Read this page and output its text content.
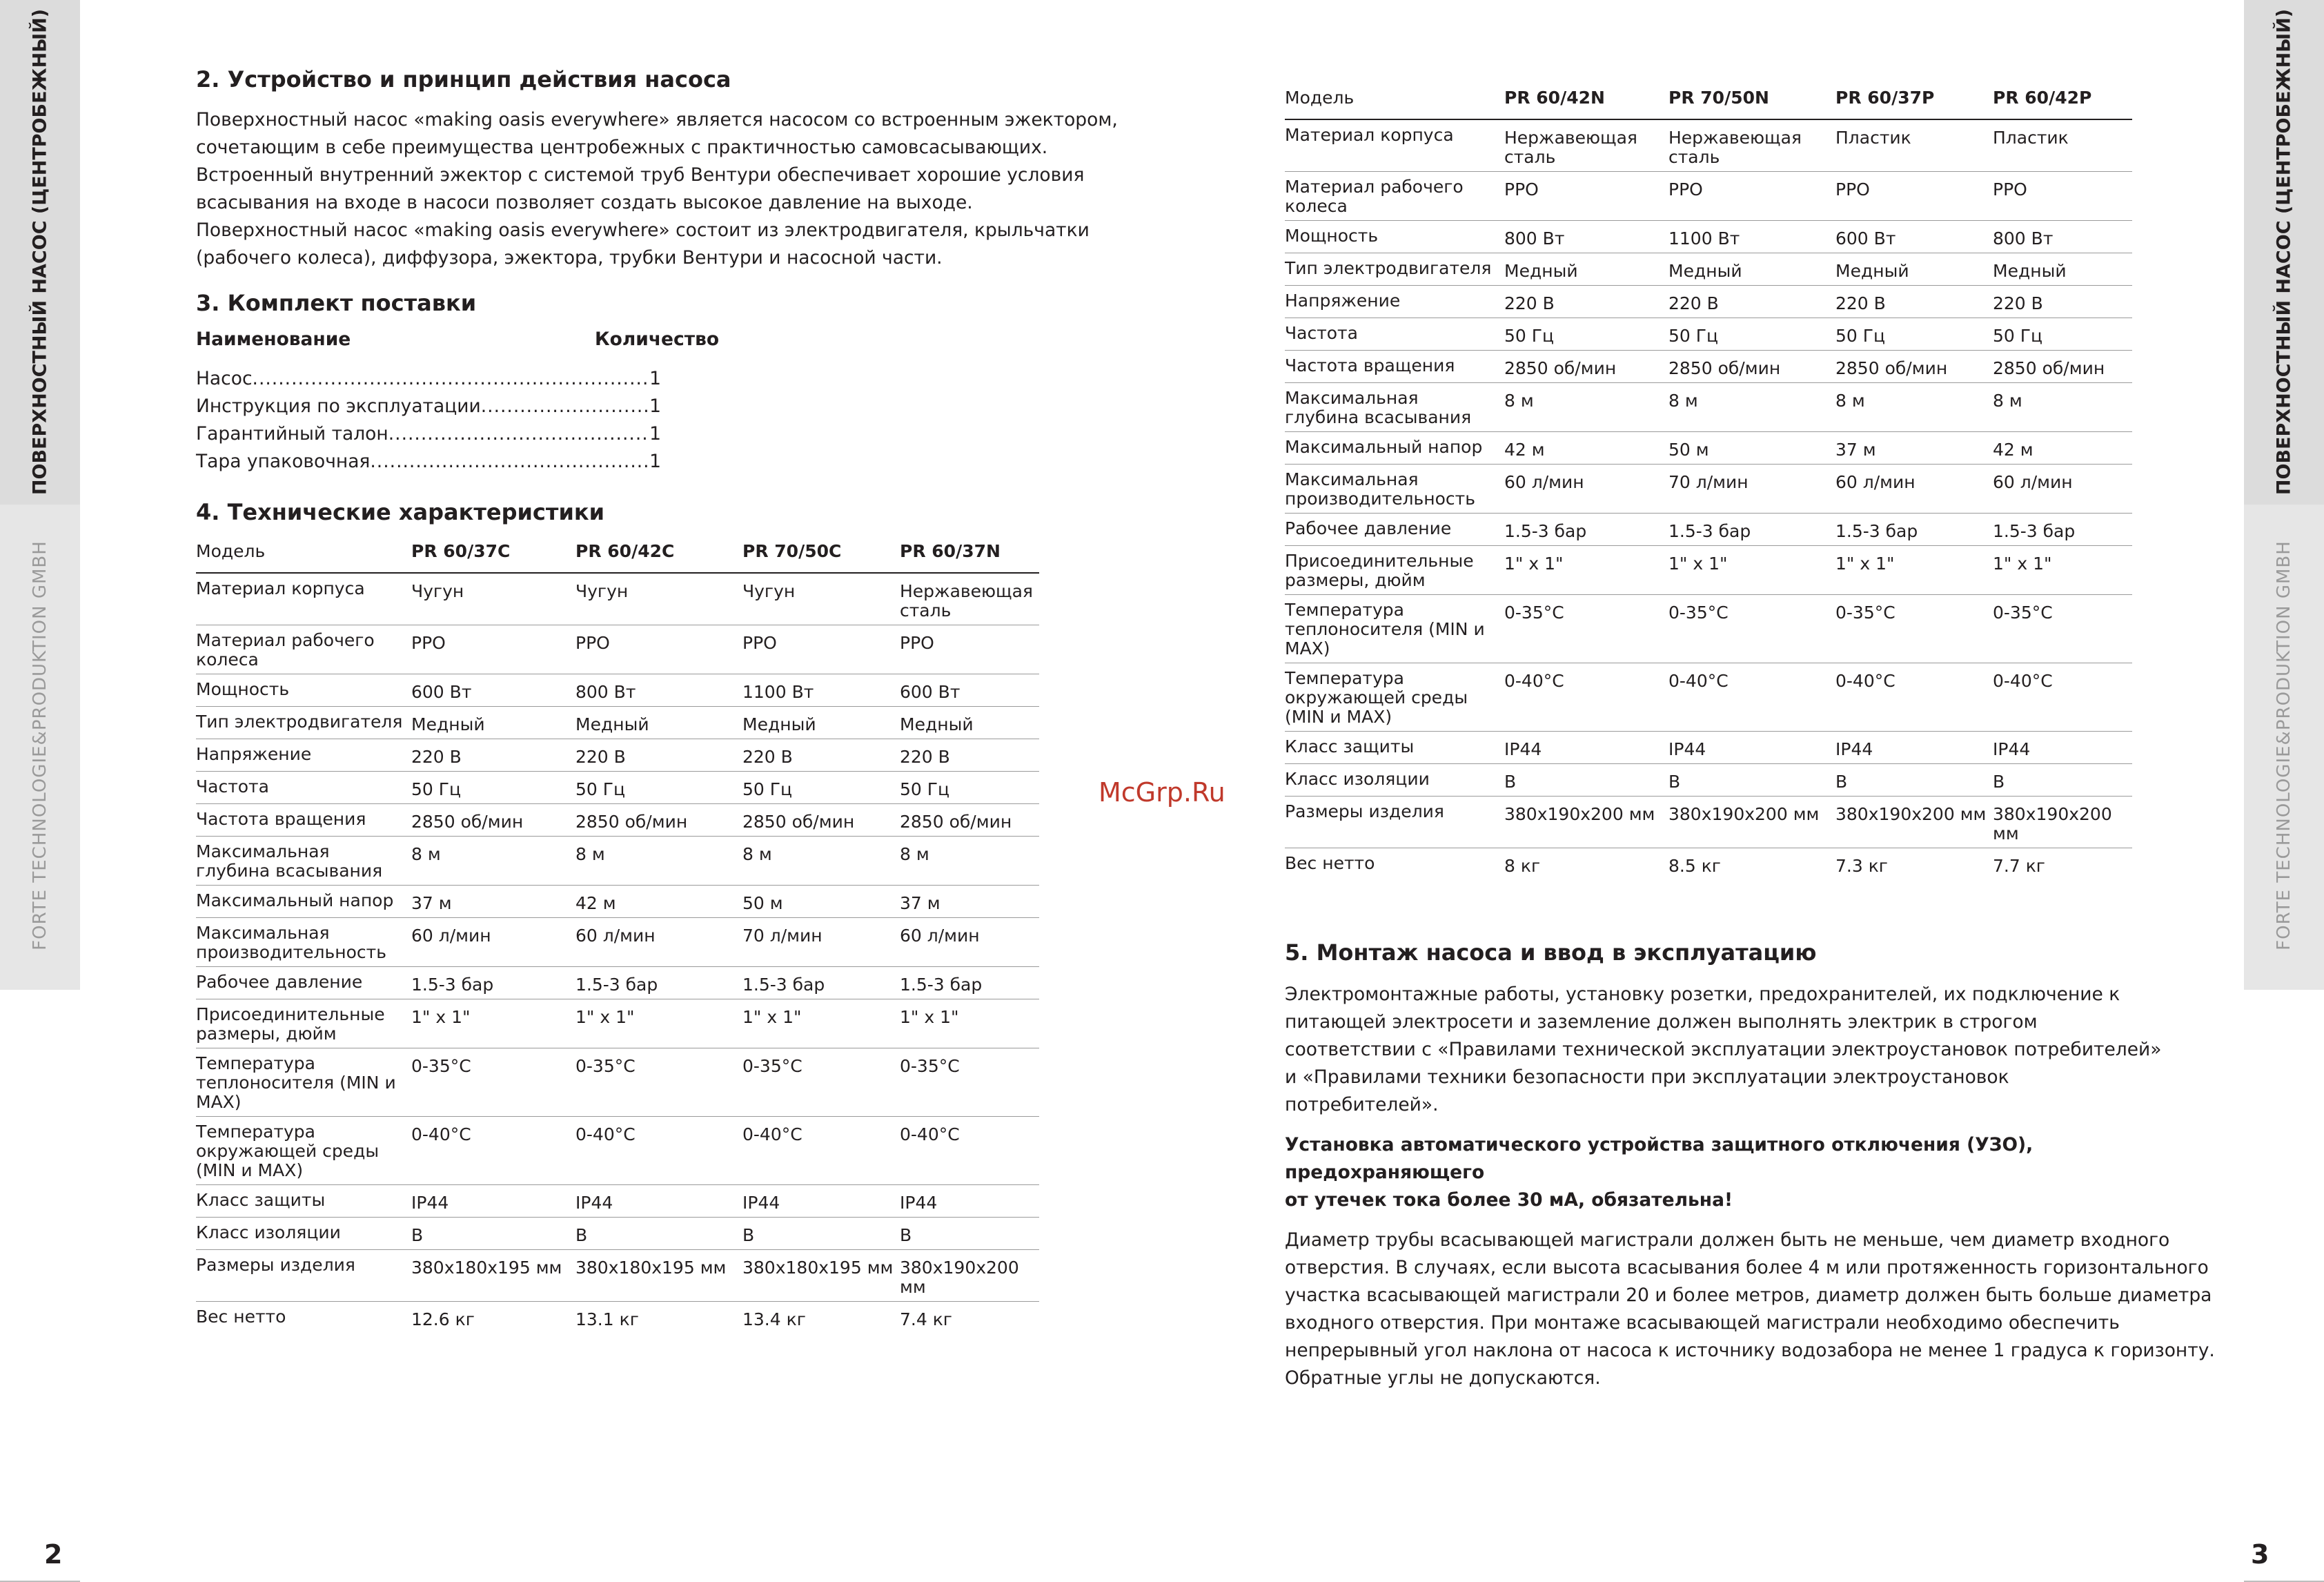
ПОВЕРХНОСТНЫЙ НАСОС (ЦЕНТРОБЕЖНЫЙ)
FORTE TECHNOLOGIE&PRODUKTION GMBH
2
ПОВЕРХНОСТНЫЙ НАСОС (ЦЕНТРОБЕЖНЫЙ)
FORTE TECHNOLOGIE&PRODUKTION GMBH
3
McGrp.Ru
2. Устройство и принцип действия насоса

Поверхностный насос «making oasis everywhere» является насосом со встроенным эжектором,

сочетающим в себе преимущества центробежных с практичностью самовсасывающих.

Встроенный внутренний эжектор с системой труб Вентури обеспечивает хорошие условия

всасывания на входе в насоси позволяет создать высокое давление на выходе.

Поверхностный насос «making oasis everywhere» состоит из электродвигателя, крыльчатки

(рабочего колеса), диффузора, эжектора, трубки Вентури и насосной части.

3. Комплект поставки
Наименование	Количество
Насос .....	1
Инструкция по эксплуатации .....	1
Гарантийный талон .....	1
Тара упаковочная .....	1
4. Технические характеристики
Модель	PR 60/37C	PR 60/42C	PR 70/50C	PR 60/37N
Материал корпуса	Чугун	Чугун	Чугун	Нержавеющая сталь
Материал рабочего колеса	PPO	PPO	PPO	PPO
Мощность	600 Вт	800 Вт	1100 Вт	600 Вт
Тип электродвигателя	Медный	Медный	Медный	Медный
Напряжение	220 В	220 В	220 В	220 В
Частота	50 Гц	50 Гц	50 Гц	50 Гц
Частота вращения	2850 об/мин	2850 об/мин	2850 об/мин	2850 об/мин
Максимальная глубина всасывания	8 м	8 м	8 м	8 м
Максимальный напор	37 м	42 м	50 м	37 м
Максимальная производительность	60 л/мин	60 л/мин	70 л/мин	60 л/мин
Рабочее давление	1.5-3 бар	1.5-3 бар	1.5-3 бар	1.5-3 бар
Присоединительные размеры, дюйм	1" х 1"	1" х 1"	1" х 1"	1" х 1"
Температура теплоносителя (MIN и MAX)	0-35°C	0-35°C	0-35°C	0-35°C
Температура окружающей среды (MIN и MAX)	0-40°C	0-40°C	0-40°C	0-40°C
Класс защиты	IP44	IP44	IP44	IP44
Класс изоляции	B	B	B	B
Размеры изделия	380x180x195 мм	380x180x195 мм	380x180x195 мм	380x190x200 мм
Вес нетто	12.6 кг	13.1 кг	13.4 кг	7.4 кг
Модель	PR 60/42N	PR 70/50N	PR 60/37P	PR 60/42P
Материал корпуса	Нержавеющая сталь	Нержавеющая сталь	Пластик	Пластик
Материал рабочего колеса	PPO	PPO	PPO	PPO
Мощность	800 Вт	1100 Вт	600 Вт	800 Вт
Тип электродвигателя	Медный	Медный	Медный	Медный
Напряжение	220 В	220 В	220 В	220 В
Частота	50 Гц	50 Гц	50 Гц	50 Гц
Частота вращения	2850 об/мин	2850 об/мин	2850 об/мин	2850 об/мин
Максимальная глубина всасывания	8 м	8 м	8 м	8 м
Максимальный напор	42 м	50 м	37 м	42 м
Максимальная производительность	60 л/мин	70 л/мин	60 л/мин	60 л/мин
Рабочее давление	1.5-3 бар	1.5-3 бар	1.5-3 бар	1.5-3 бар
Присоединительные размеры, дюйм	1" х 1"	1" х 1"	1" х 1"	1" х 1"
Температура теплоносителя (MIN и MAX)	0-35°C	0-35°C	0-35°C	0-35°C
Температура окружающей среды (MIN и MAX)	0-40°C	0-40°C	0-40°C	0-40°C
Класс защиты	IP44	IP44	IP44	IP44
Класс изоляции	B	B	B	B
Размеры изделия	380x190x200 мм	380x190x200 мм	380x190x200 мм	380x190x200 мм
Вес нетто	8 кг	8.5 кг	7.3 кг	7.7 кг
5. Монтаж насоса и ввод в эксплуатацию

Электромонтажные работы, установку розетки, предохранителей, их подключение к

питающей электросети и заземление должен выполнять электрик в строгом

соответствии с «Правилами технической эксплуатации электроустановок потребителей»

и «Правилами техники безопасности при эксплуатации электроустановок

потребителей».

Установка автоматического устройства защитного отключения (УЗО), предохраняющего

от утечек тока более 30 мА, обязательна!

Диаметр трубы всасывающей магистрали должен быть не меньше, чем диаметр входного

отверстия. В случаях, если высота всасывания более 4 м или протяженность горизонтального

участка всасывающей магистрали 20 и более метров, диаметр должен быть больше диаметра

входного отверстия. При монтаже всасывающей магистрали необходимо обеспечить

непрерывный угол наклона от насоса к источнику водозабора не менее 1 градуса к горизонту.

Обратные углы не допускаются.
